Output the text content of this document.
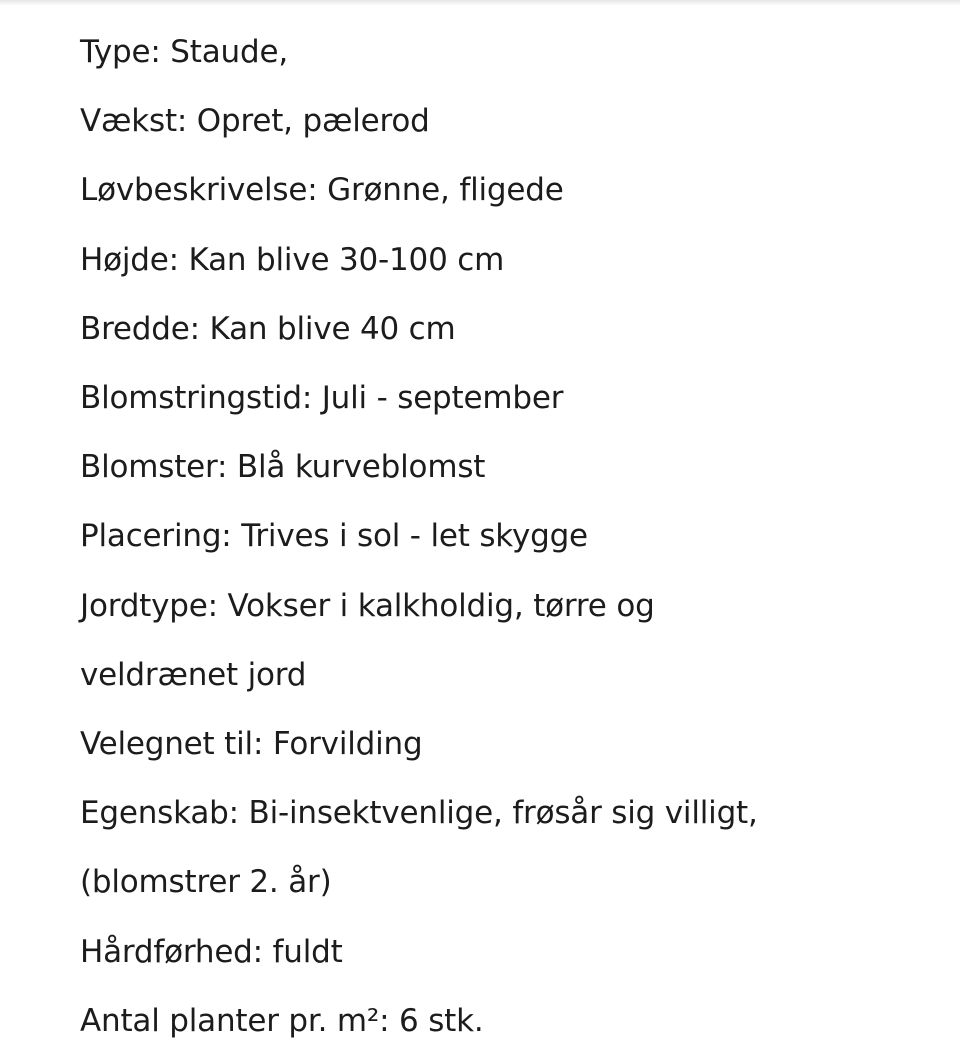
Type: Staude,
Vækst: Opret, pælerod
Løvbeskrivelse: Grønne, fligede
Højde: Kan blive 30-100 cm
Bredde: Kan blive 40 cm
Blomstringstid: Juli - september
Blomster: Blå kurveblomst
Placering: Trives i sol - let skygge
Jordtype: Vokser i kalkholdig, tørre og
veldrænet jord
Velegnet til: Forvilding
Egenskab: Bi-insektvenlige, frøsår sig villigt,
(blomstrer 2. år)
Hårdførhed: fuldt
Antal planter pr. m²: 6 stk.
